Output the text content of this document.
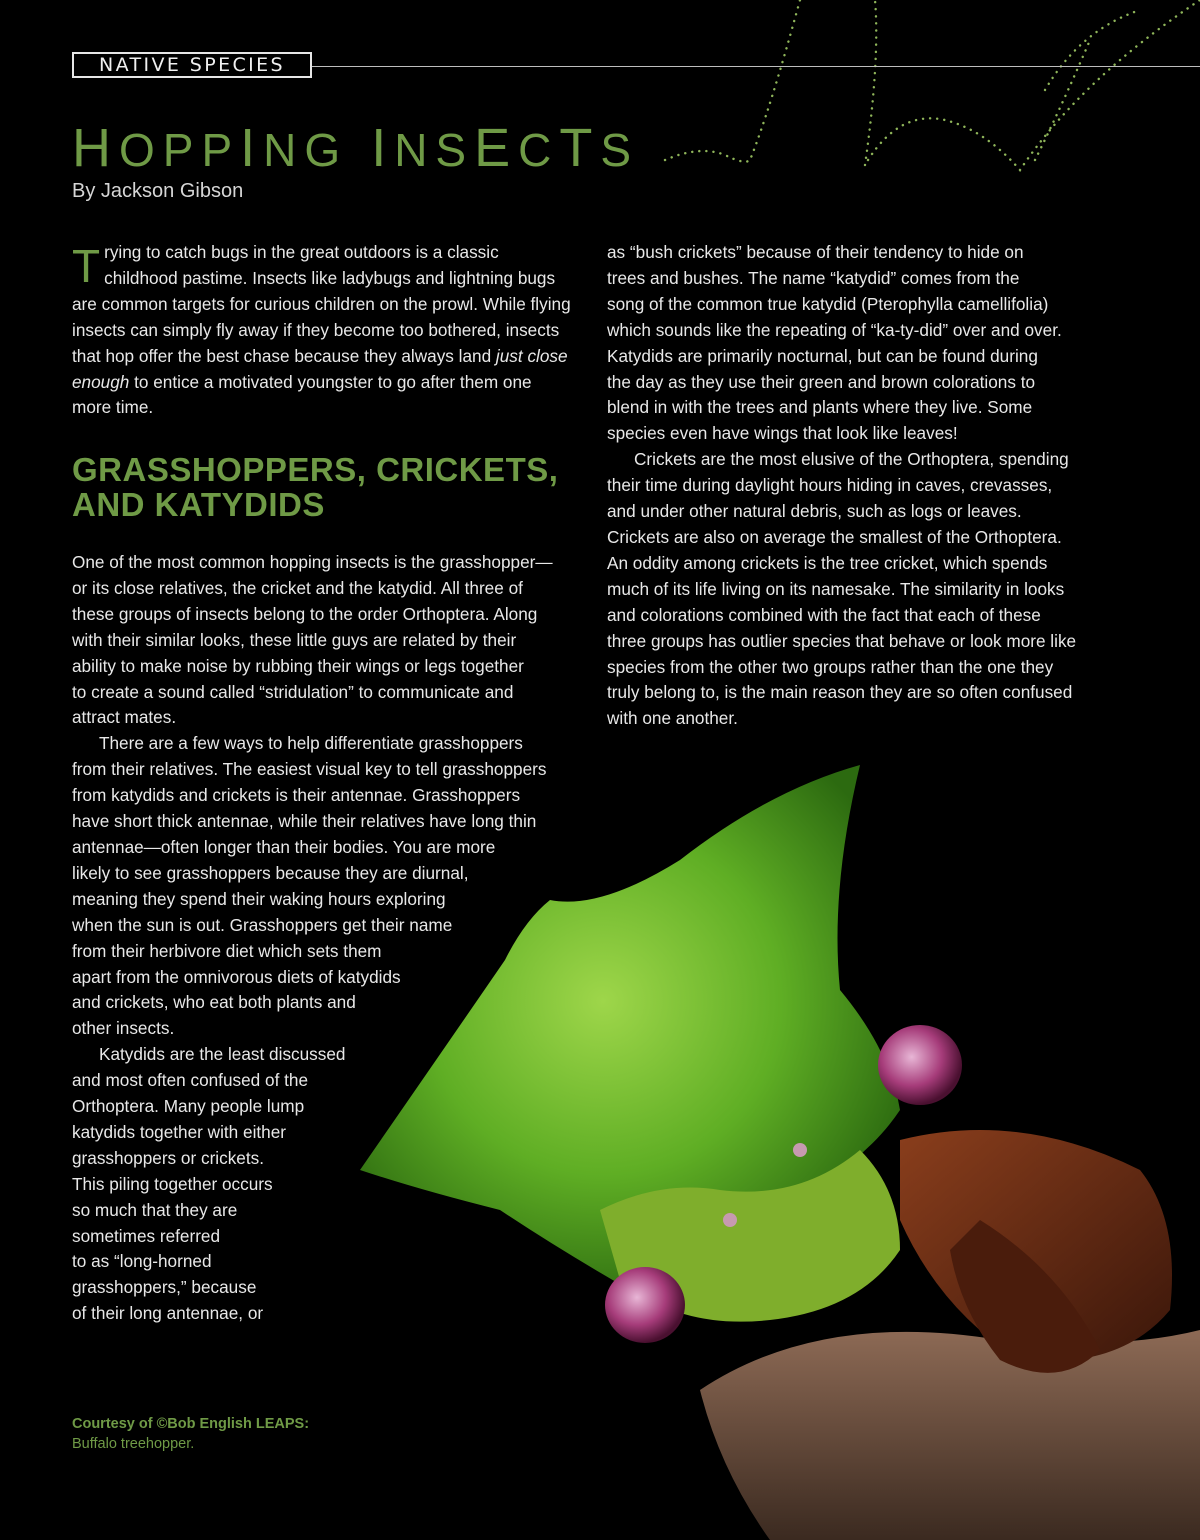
NATIVE SPECIES
HOPPING INSECTS
By Jackson Gibson

Trying to catch bugs in the great outdoors is a classic childhood pastime. Insects like ladybugs and lightning bugs are common targets for curious children on the prowl. While flying insects can simply fly away if they become too bothered, insects that hop offer the best chase because they always land just close enough to entice a motivated youngster to go after them one more time.

GRASSHOPPERS, CRICKETS, AND KATYDIDS
One of the most common hopping insects is the grasshopper—
or its close relatives, the cricket and the katydid. All three of
these groups of insects belong to the order Orthoptera. Along
with their similar looks, these little guys are related by their
ability to make noise by rubbing their wings or legs together
to create a sound called “stridulation” to communicate and
attract mates.
There are a few ways to help differentiate grasshoppers
from their relatives. The easiest visual key to tell grasshoppers
from katydids and crickets is their antennae. Grasshoppers
have short thick antennae, while their relatives have long thin
antennae—often longer than their bodies. You are more
likely to see grasshoppers because they are diurnal,
meaning they spend their waking hours exploring
when the sun is out. Grasshoppers get their name
from their herbivore diet which sets them
apart from the omnivorous diets of katydids
and crickets, who eat both plants and
other insects.
Katydids are the least discussed
and most often confused of the
Orthoptera. Many people lump
katydids together with either
grasshoppers or crickets.
This piling together occurs
so much that they are
sometimes referred
to as “long-horned
grasshoppers,” because
of their long antennae, or
as “bush crickets” because of their tendency to hide on
trees and bushes. The name “katydid” comes from the
song of the common true katydid (Pterophylla camellifolia)
which sounds like the repeating of “ka-ty-did” over and over.
Katydids are primarily nocturnal, but can be found during
the day as they use their green and brown colorations to
blend in with the trees and plants where they live. Some
species even have wings that look like leaves!
Crickets are the most elusive of the Orthoptera, spending
their time during daylight hours hiding in caves, crevasses,
and under other natural debris, such as logs or leaves.
Crickets are also on average the smallest of the Orthoptera.
An oddity among crickets is the tree cricket, which spends
much of its life living on its namesake. The similarity in looks
and colorations combined with the fact that each of these
three groups has outlier species that behave or look more like
species from the other two groups rather than the one they
truly belong to, is the main reason they are so often confused
with one another.
Courtesy of ©Bob English LEAPS:
Buffalo treehopper.
